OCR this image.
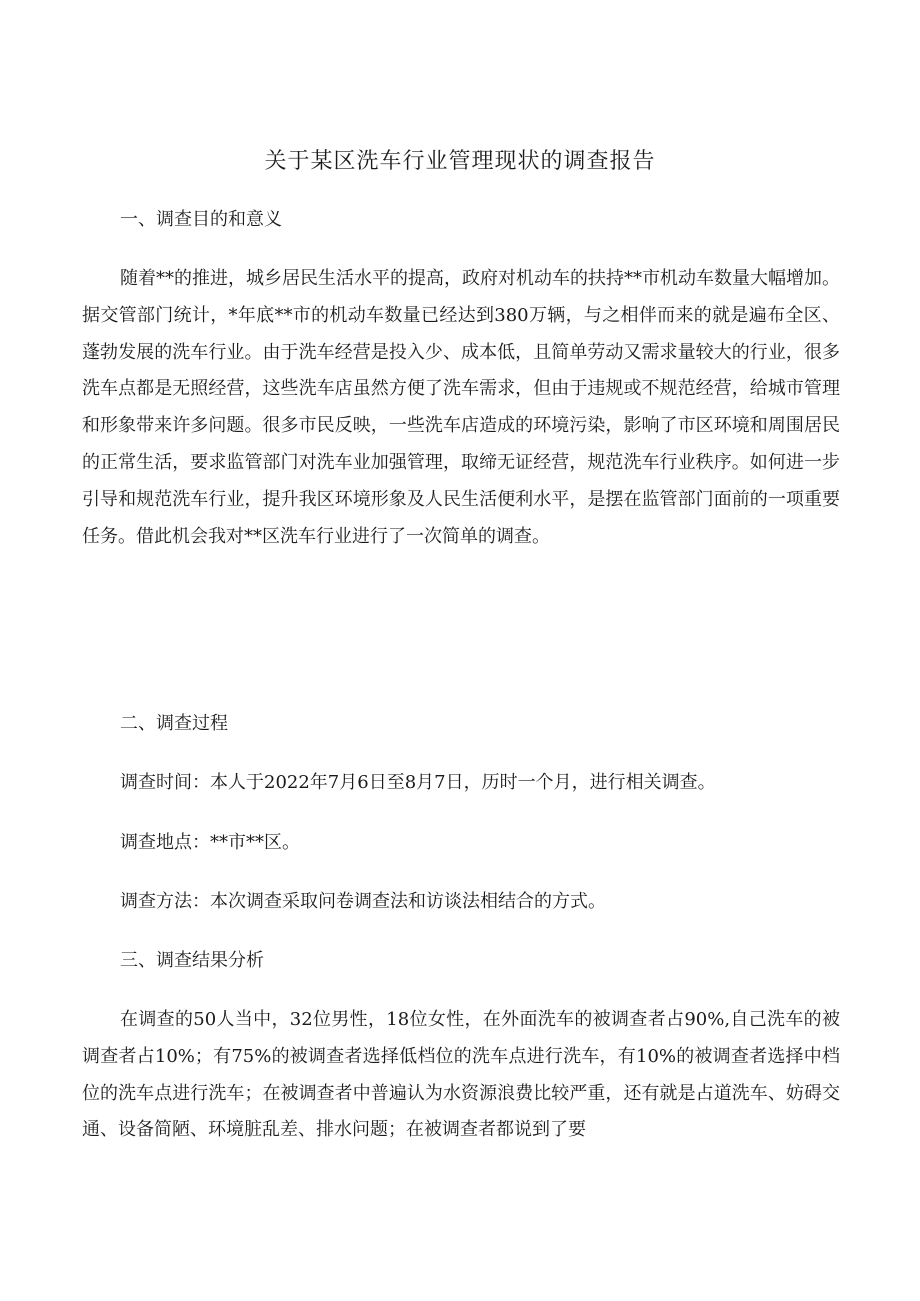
关于某区洗车行业管理现状的调查报告

一、调查目的和意义

随着**的推进，城乡居民生活水平的提高，政府对机动车的扶持**市机动车数量大幅增加。据交管部门统计，*年底**市的机动车数量已经达到380万辆，与之相伴而来的就是遍布全区、蓬勃发展的洗车行业。由于洗车经营是投入少、成本低，且简单劳动又需求量较大的行业，很多洗车点都是无照经营，这些洗车店虽然方便了洗车需求，但由于违规或不规范经营，给城市管理和形象带来许多问题。很多市民反映，一些洗车店造成的环境污染，影响了市区环境和周围居民的正常生活，要求监管部门对洗车业加强管理，取缔无证经营，规范洗车行业秩序。如何进一步引导和规范洗车行业，提升我区环境形象及人民生活便利水平，是摆在监管部门面前的一项重要任务。借此机会我对**区洗车行业进行了一次简单的调查。

二、调查过程

调查时间：本人于2022年7月6日至8月7日，历时一个月，进行相关调查。

调查地点：**市**区。

调查方法：本次调查采取问卷调查法和访谈法相结合的方式。

三、调查结果分析

在调查的50人当中，32位男性，18位女性，在外面洗车的被调查者占90%,自己洗车的被调查者占10%；有75%的被调查者选择低档位的洗车点进行洗车，有10%的被调查者选择中档位的洗车点进行洗车；在被调查者中普遍认为水资源浪费比较严重，还有就是占道洗车、妨碍交通、设备简陋、环境脏乱差、排水问题；在被调查者都说到了要
